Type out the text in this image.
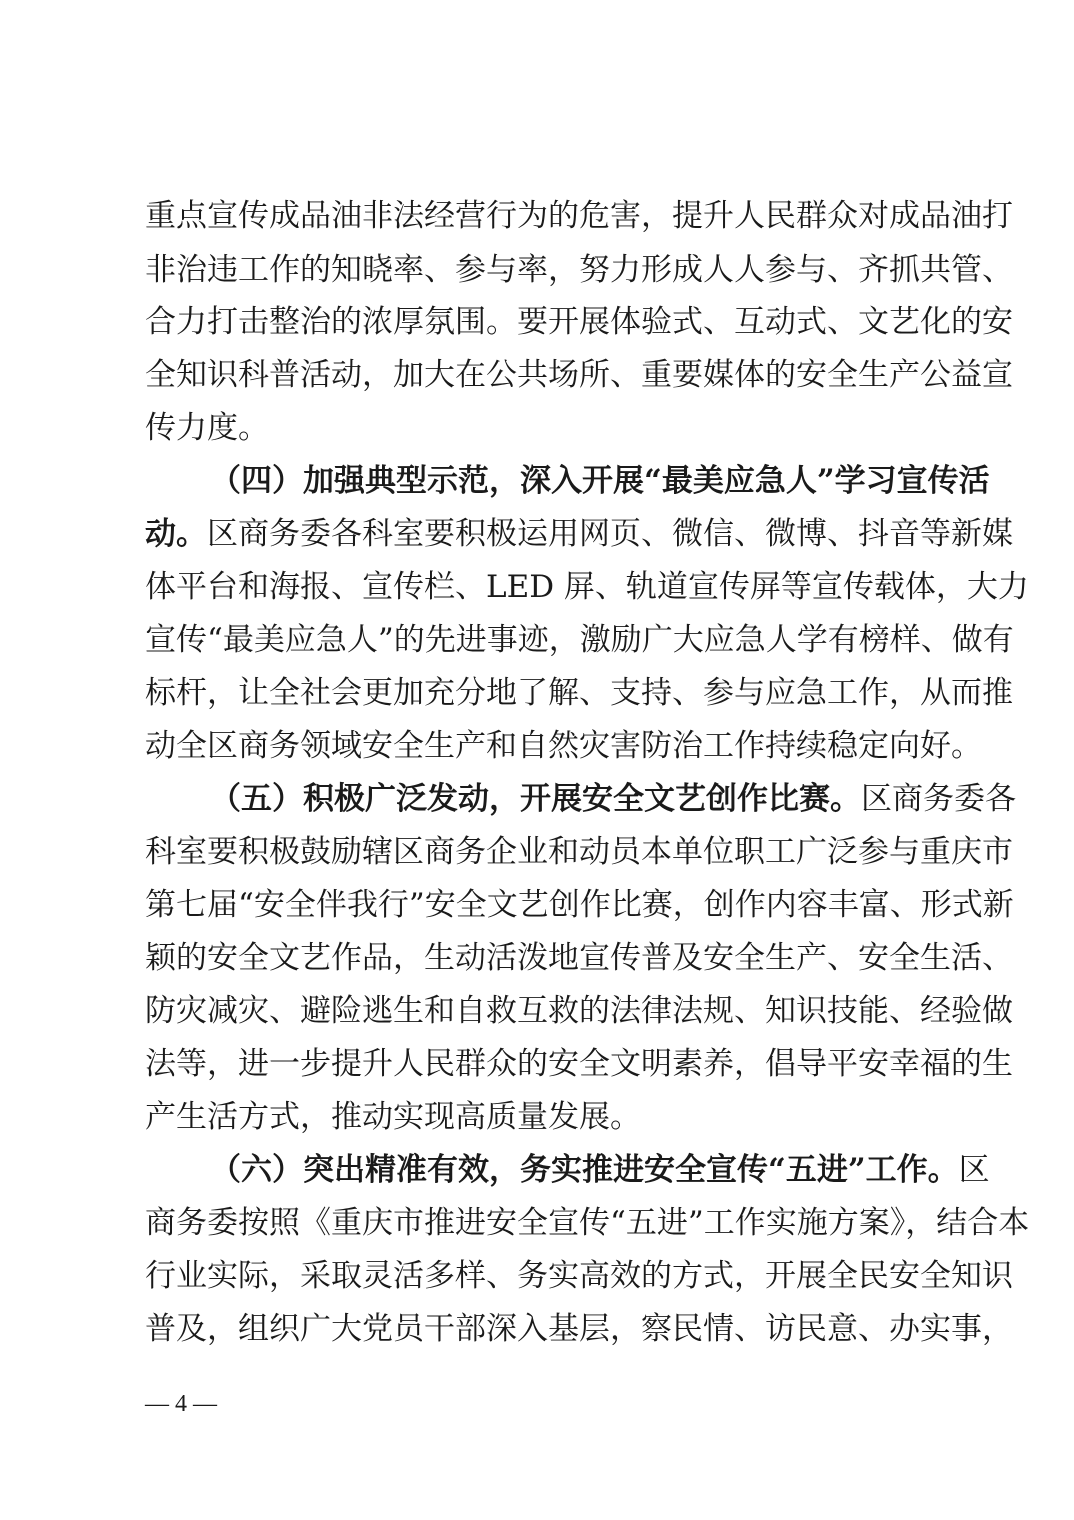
重点宣传成品油非法经营行为的危害，提升人民群众对成品油打
非治违工作的知晓率、参与率，努力形成人人参与、齐抓共管、
合力打击整治的浓厚氛围。要开展体验式、互动式、文艺化的安
全知识科普活动，加大在公共场所、重要媒体的安全生产公益宣
传力度。
（四）加强典型示范，深入开展“最美应急人”学习宣传活
动。区商务委各科室要积极运用网页、微信、微博、抖音等新媒
体平台和海报、宣传栏、LED 屏、轨道宣传屏等宣传载体，大力
宣传“最美应急人”的先进事迹，激励广大应急人学有榜样、做有
标杆，让全社会更加充分地了解、支持、参与应急工作，从而推
动全区商务领域安全生产和自然灾害防治工作持续稳定向好。
（五）积极广泛发动，开展安全文艺创作比赛。区商务委各
科室要积极鼓励辖区商务企业和动员本单位职工广泛参与重庆市
第七届“安全伴我行”安全文艺创作比赛，创作内容丰富、形式新
颖的安全文艺作品，生动活泼地宣传普及安全生产、安全生活、
防灾减灾、避险逃生和自救互救的法律法规、知识技能、经验做
法等，进一步提升人民群众的安全文明素养，倡导平安幸福的生
产生活方式，推动实现高质量发展。
（六）突出精准有效，务实推进安全宣传“五进”工作。区
商务委按照《重庆市推进安全宣传“五进”工作实施方案》，结合本
行业实际，采取灵活多样、务实高效的方式，开展全民安全知识
普及，组织广大党员干部深入基层，察民情、访民意、办实事，
— 4 —
